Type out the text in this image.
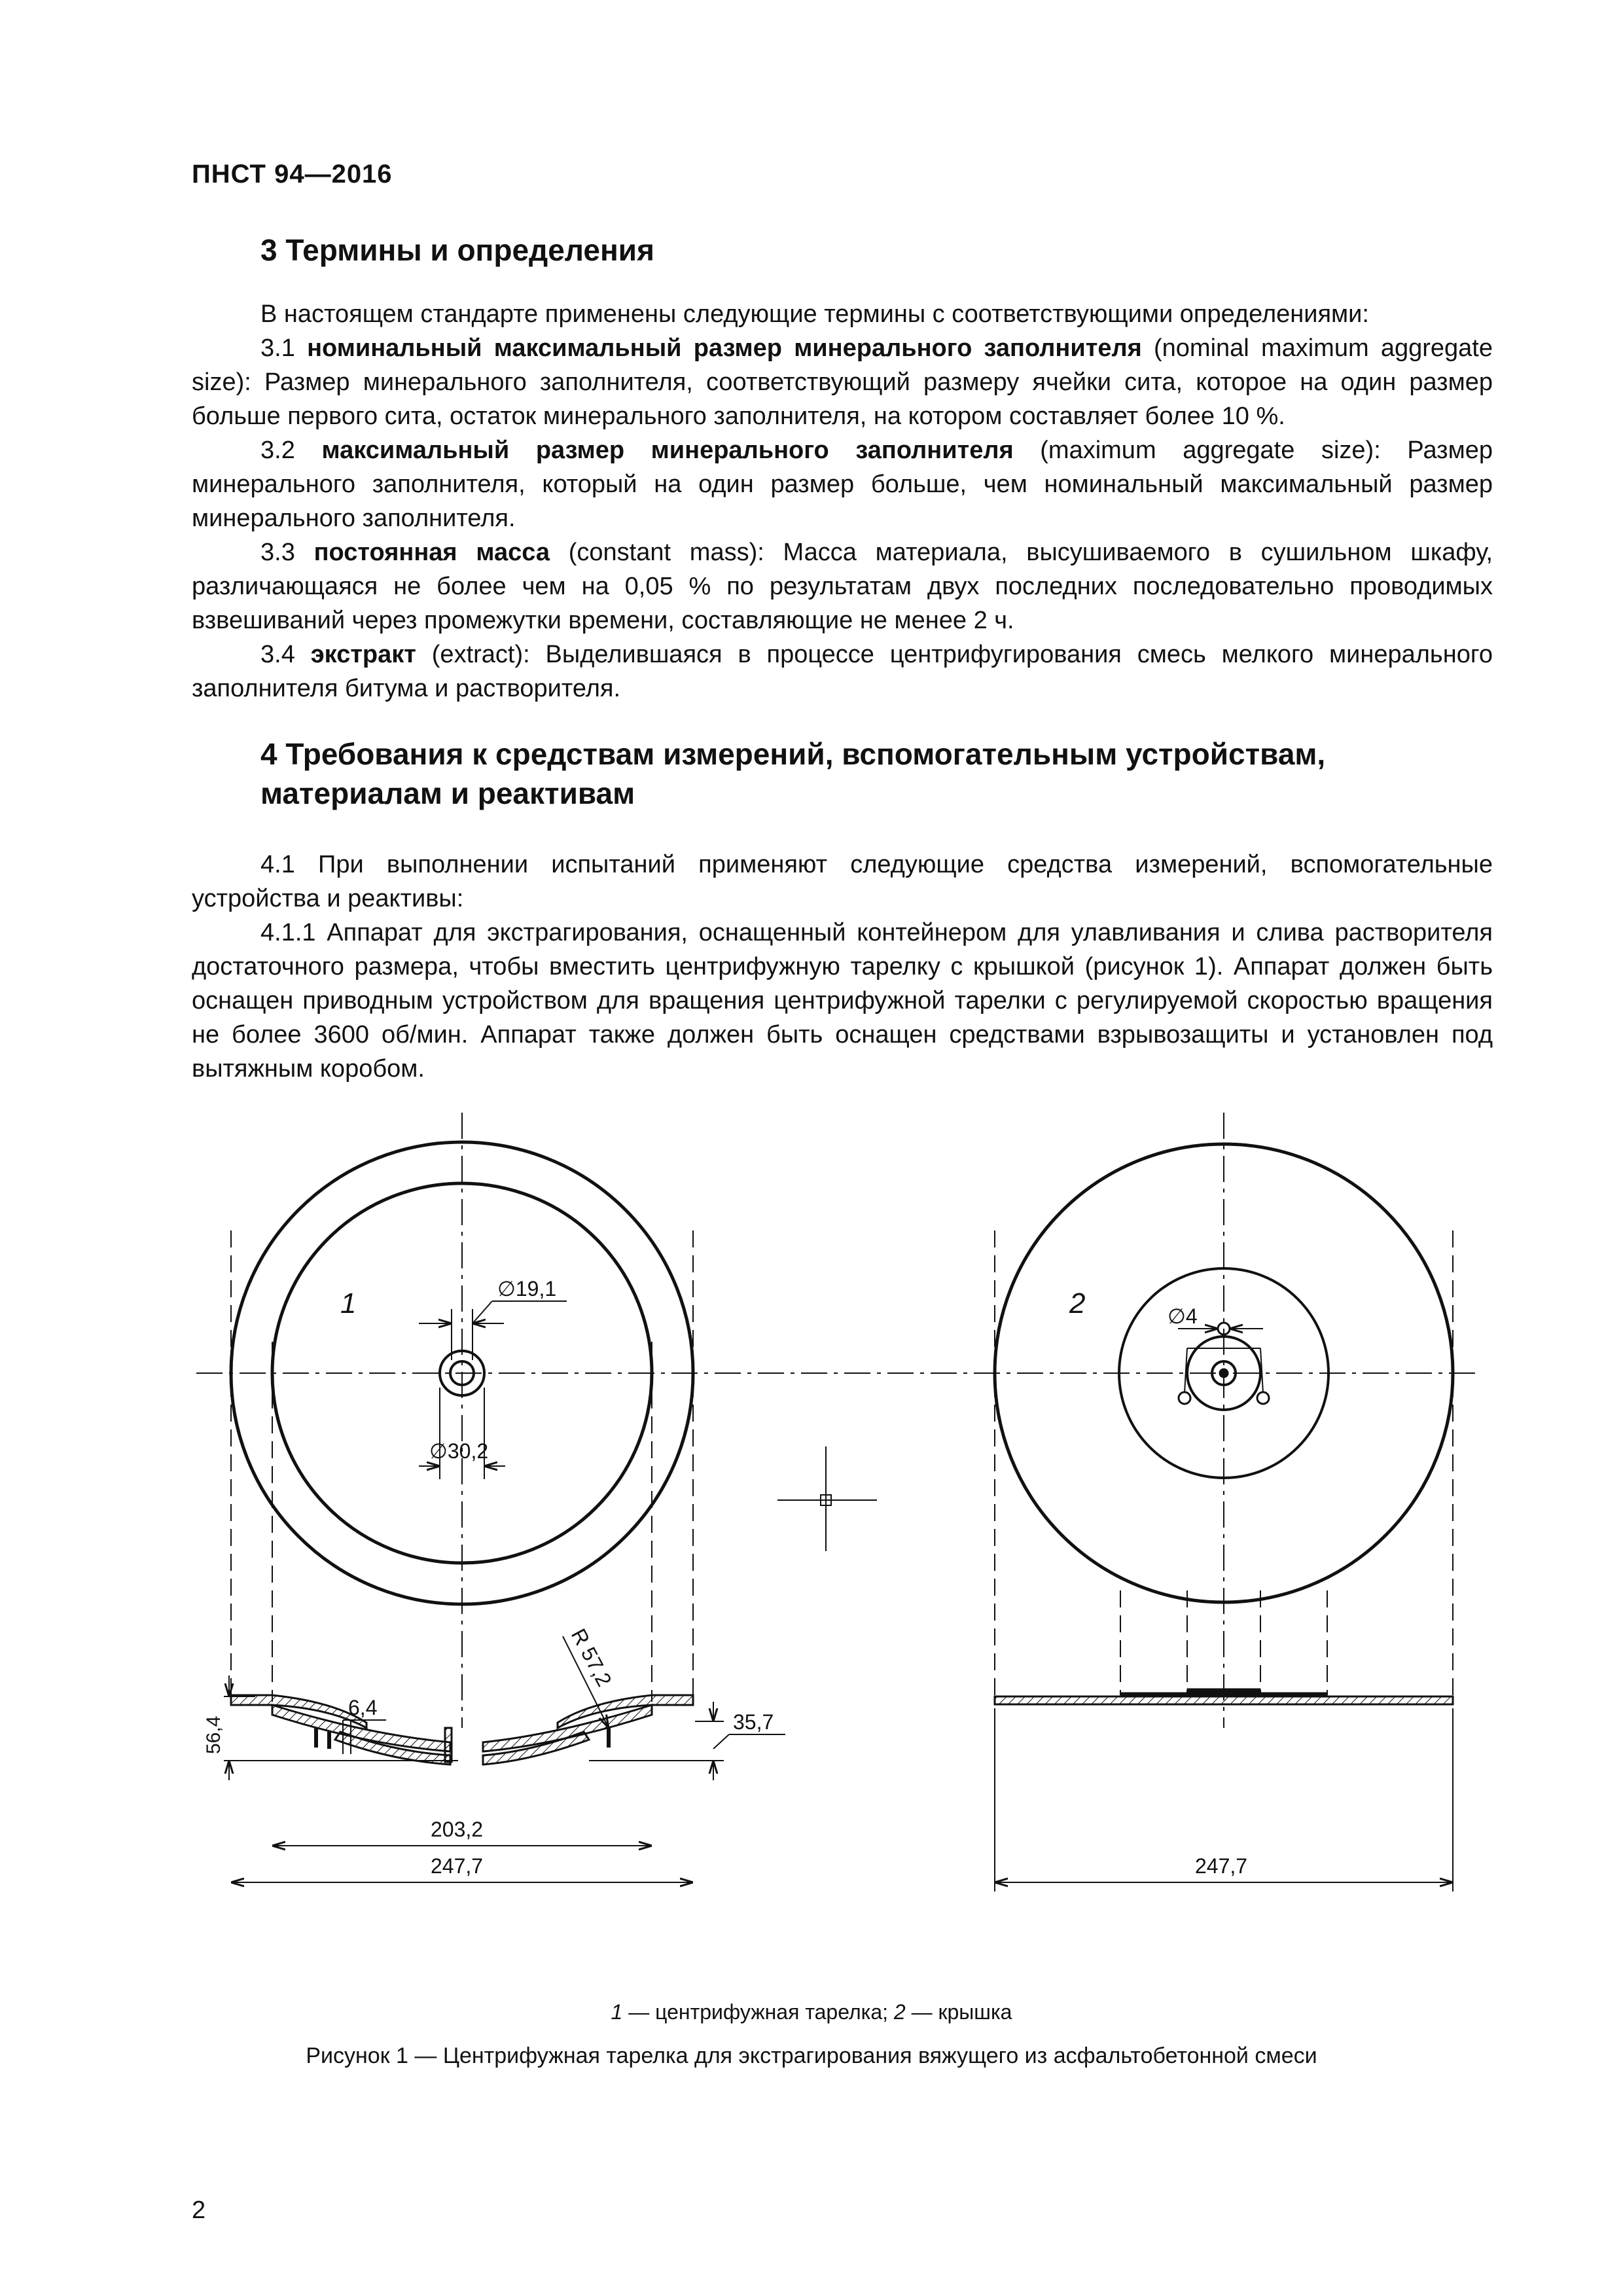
ПНСТ 94—2016
3 Термины и определения

В настоящем стандарте применены следующие термины с соответствующими определениями:

3.1 номинальный максимальный размер минерального заполнителя (nominal maximum aggregate size): Размер минерального заполнителя, соответствующий размеру ячейки сита, которое на один размер больше первого сита, остаток минерального заполнителя, на котором составляет более 10 %.

3.2 максимальный размер минерального заполнителя (maximum aggregate size): Размер минерального заполнителя, который на один размер больше, чем номинальный максимальный размер минерального заполнителя.

3.3 постоянная масса (constant mass): Масса материала, высушиваемого в сушильном шкафу, различающаяся не более чем на 0,05 % по результатам двух последних последовательно проводимых взвешиваний через промежутки времени, составляющие не менее 2 ч.

3.4 экстракт (extract): Выделившаяся в процессе центрифугирования смесь мелкого минерального заполнителя битума и растворителя.

4 Требования к средствам измерений, вспомогательным устройствам, материалам и реактивам

4.1 При выполнении испытаний применяют следующие средства измерений, вспомогательные устройства и реактивы:

4.1.1 Аппарат для экстрагирования, оснащенный контейнером для улавливания и слива растворителя достаточного размера, чтобы вместить центрифужную тарелку с крышкой (рисунок 1). Аппарат должен быть оснащен приводным устройством для вращения центрифужной тарелки с регулируемой скоростью вращения не более 3600 об/мин. Аппарат также должен быть оснащен средствами взрывозащиты и установлен под вытяжным коробом.

∅19,1
∅30,2
1
6,4
R 57,2
56,4	35,7
203,2
247,7
∅4
2
247,7
1 — центрифужная тарелка; 2 — крышка
Рисунок 1 — Центрифужная тарелка для экстрагирования вяжущего из асфальтобетонной смеси
2
